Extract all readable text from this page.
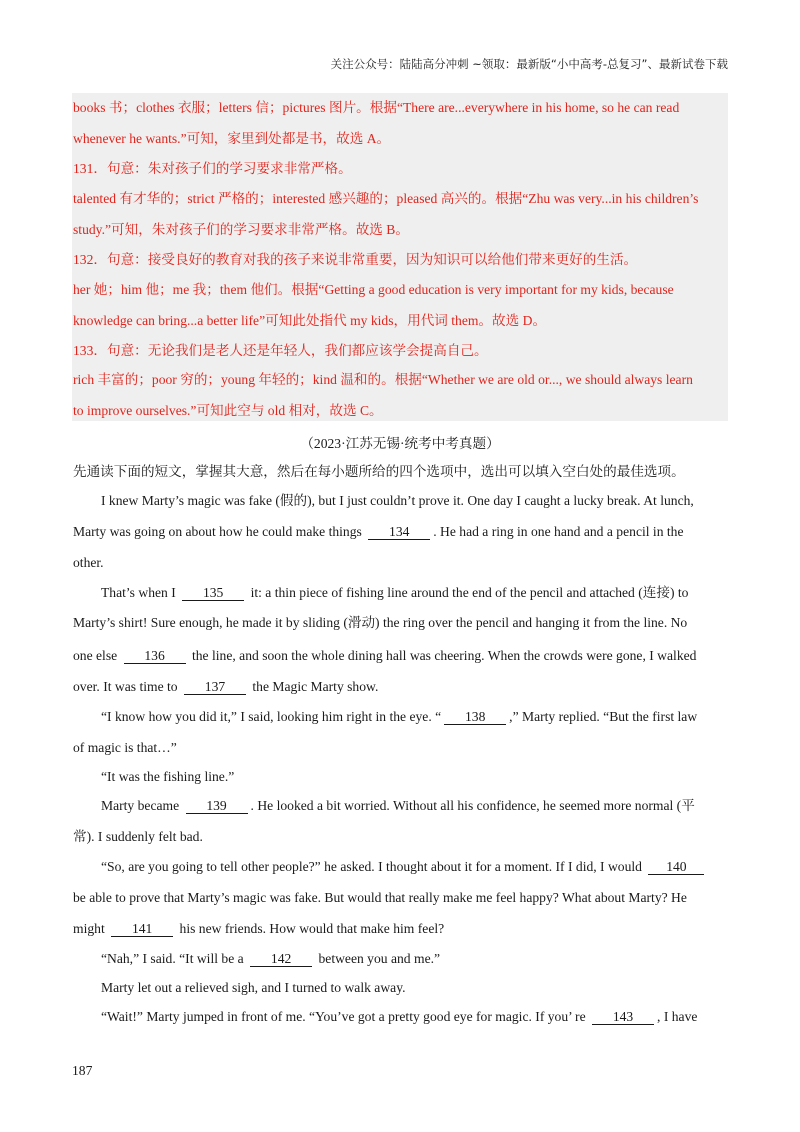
关注公众号：陆陆高分冲刺 ~领取：最新版“小中高考-总复习”、最新试卷下载
books 书；clothes 衣服；letters 信；pictures 图片。根据“There are...everywhere in his home, so he can read
whenever he wants.”可知，家里到处都是书，故选 A。
131．句意：朱对孩子们的学习要求非常严格。
talented 有才华的；strict 严格的；interested 感兴趣的；pleased 高兴的。根据“Zhu was very...in his children’s
study.”可知，朱对孩子们的学习要求非常严格。故选 B。
132．句意：接受良好的教育对我的孩子来说非常重要，因为知识可以给他们带来更好的生活。
her 她；him 他；me 我；them 他们。根据“Getting a good education is very important for my kids, because
knowledge can bring...a better life”可知此处指代 my kids，用代词 them。故选 D。
133．句意：无论我们是老人还是年轻人，我们都应该学会提高自己。
rich 丰富的；poor 穷的；young 年轻的；kind 温和的。根据“Whether we are old or..., we should always learn
to improve ourselves.”可知此空与 old 相对，故选 C。
（2023·江苏无锡·统考中考真题）
先通读下面的短文，掌握其大意，然后在每小题所给的四个选项中，选出可以填入空白处的最佳选项。
I knew Marty’s magic was fake (假的), but I just couldn’t prove it. One day I caught a lucky break. At lunch,
Marty was going on about how he could make things 134 . He had a ring in one hand and a pencil in the
other.
That’s when I 135 it: a thin piece of fishing line around the end of the pencil and attached (连接) to
Marty’s shirt! Sure enough, he made it by sliding (滑动) the ring over the pencil and hanging it from the line. No
one else 136 the line, and soon the whole dining hall was cheering. When the crowds were gone, I walked
over. It was time to 137 the Magic Marty show.
“I know how you did it,” I said, looking him right in the eye. “ 138 ,” Marty replied. “But the first law
of magic is that…”
“It was the fishing line.”
Marty became 139 . He looked a bit worried. Without all his confidence, he seemed more normal (平
常). I suddenly felt bad.
“So, are you going to tell other people?” he asked. I thought about it for a moment. If I did, I would 140
be able to prove that Marty’s magic was fake. But would that really make me feel happy? What about Marty? He
might 141 his new friends. How would that make him feel?
“Nah,” I said. “It will be a 142 between you and me.”
Marty let out a relieved sigh, and I turned to walk away.
“Wait!” Marty jumped in front of me. “You’ve got a pretty good eye for magic. If you’ re 143 , I have
187
